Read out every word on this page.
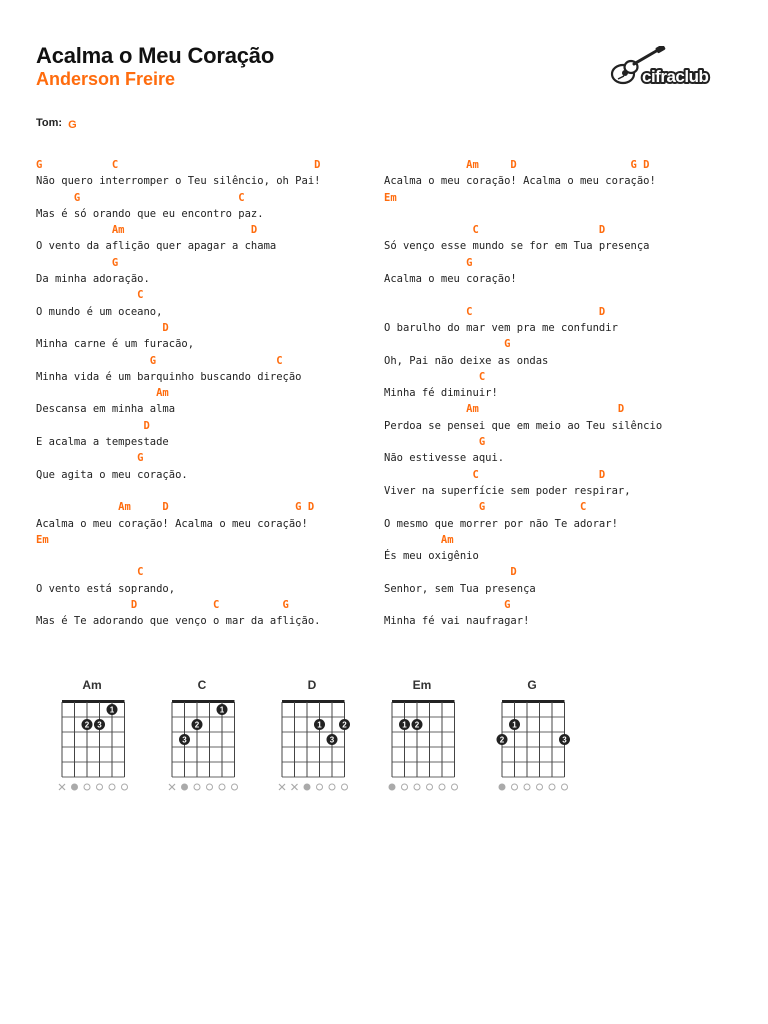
Acalma o Meu Coração
Anderson Freire	cifraclub
Tom: G
G           C                               D
Não quero interromper o Teu silêncio, oh Pai!
G                         C
Mas é só orando que eu encontro paz.
Am                    D
O vento da aflição quer apagar a chama
G
Da minha adoração.
C
O mundo é um oceano,
D
Minha carne é um furacão,
G                   C
Minha vida é um barquinho buscando direção
Am
Descansa em minha alma
D
E acalma a tempestade
G
Que agita o meu coração.
Am     D                    G D
Acalma o meu coração! Acalma o meu coração!
Em
C
O vento está soprando,
D            C          G
Mas é Te adorando que venço o mar da aflição.
Am     D                  G D
Acalma o meu coração! Acalma o meu coração!
Em
C                   D
Só venço esse mundo se for em Tua presença
G
Acalma o meu coração!
C                    D
O barulho do mar vem pra me confundir
G
Oh, Pai não deixe as ondas
C
Minha fé diminuir!
Am                      D
Perdoa se pensei que em meio ao Teu silêncio
G
Não estivesse aqui.
C                   D
Viver na superfície sem poder respirar,
G               C
O mesmo que morrer por não Te adorar!
Am
És meu oxigênio
D
Senhor, sem Tua presença
G
Minha fé vai naufragar!
Am
1
2 3
C
1
2
3
D
1	2
3
Em
1 2
G
1
2	3
